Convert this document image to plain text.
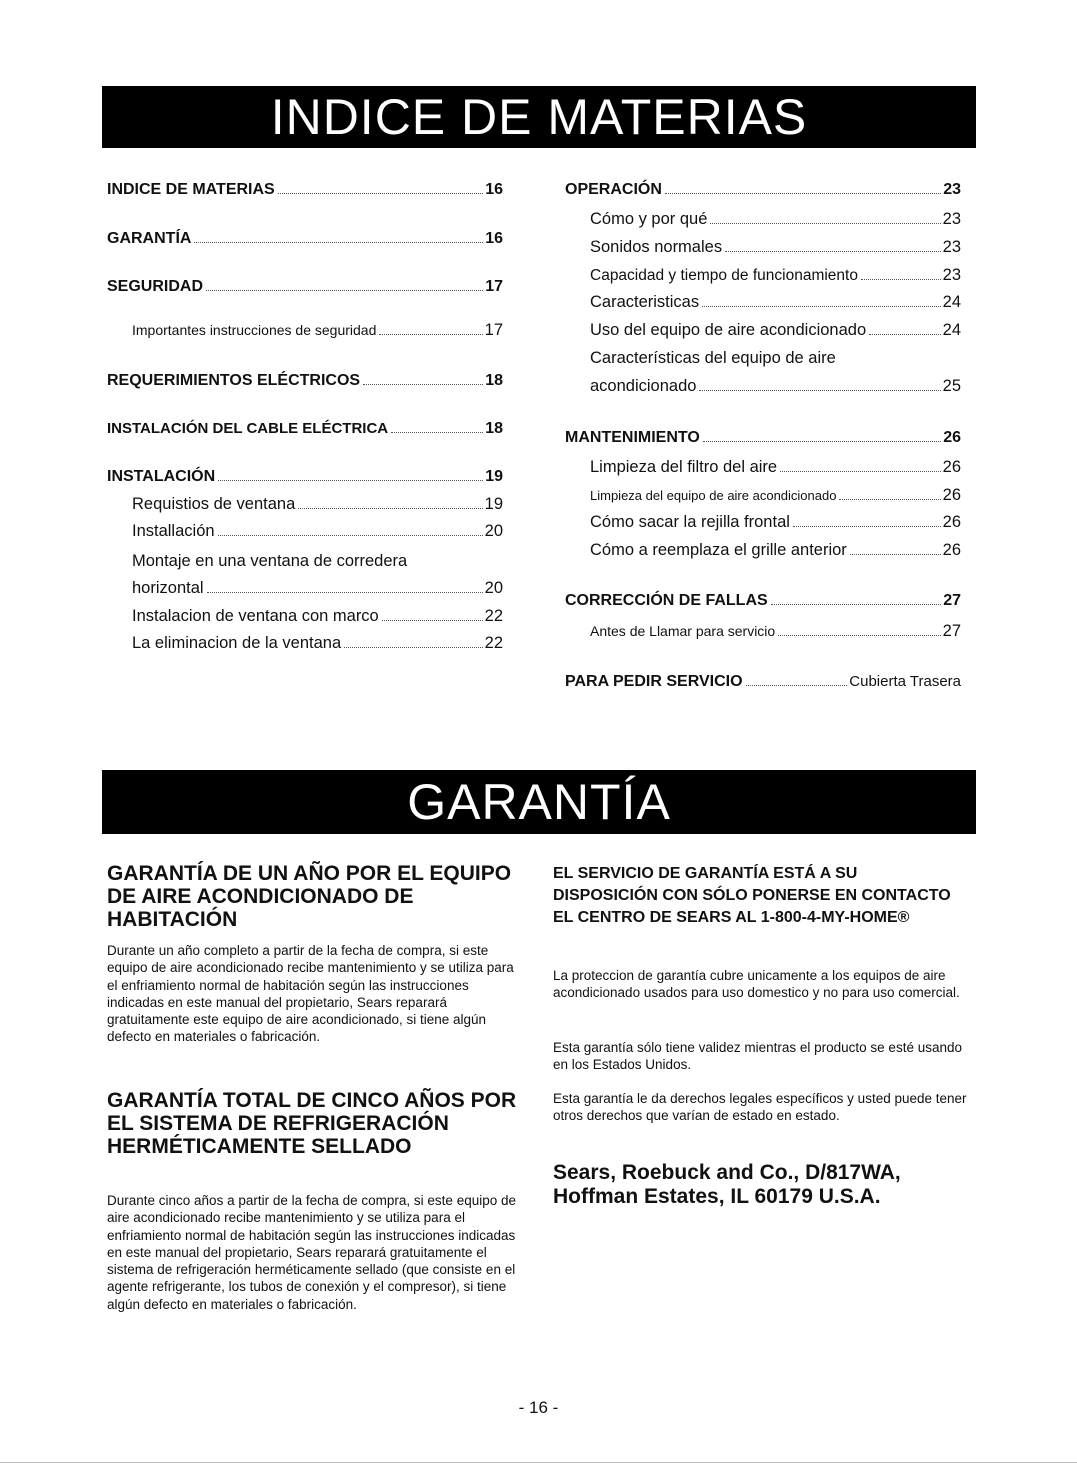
INDICE DE MATERIAS
INDICE DE MATERIAS	16
GARANTÍA	16
SEGURIDAD	17
Importantes instrucciones de seguridad	17
REQUERIMIENTOS ELÉCTRICOS	18
INSTALACIÓN DEL CABLE ELÉCTRICA	18
INSTALACIÓN	19
Requistios de ventana	19
Installación	20
Montaje en una ventana de corredera
horizontal	20
Instalacion de ventana con marco	22
La eliminacion de la ventana	22
OPERACIÓN	23
Cómo y por qué	23
Sonidos normales	23
Capacidad y tiempo de funcionamiento	23
Caracteristicas	24
Uso del equipo de aire acondicionado	24
Características del equipo de aire
acondicionado	25
MANTENIMIENTO	26
Limpieza del filtro del aire	26
Limpieza del equipo de aire acondicionado	26
Cómo sacar la rejilla frontal	26
Cómo a reemplaza el grille anterior	26
CORRECCIÓN DE FALLAS	27
Antes de Llamar para servicio	27
PARA PEDIR SERVICIO	Cubierta Trasera
GARANTÍA
GARANTÍA DE UN AÑO POR EL EQUIPO DE AIRE ACONDICIONADO DE HABITACIÓN

Durante un año completo a partir de la fecha de compra, si este equipo de aire acondicionado recibe mantenimiento y se utiliza para el enfriamiento normal de habitación según las instrucciones indicadas en este manual del propietario, Sears reparará gratuitamente este equipo de aire acondicionado, si tiene algún defecto en materiales o fabricación.

GARANTÍA TOTAL DE CINCO AÑOS POR EL SISTEMA DE REFRIGERACIÓN HERMÉTICAMENTE SELLADO

Durante cinco años a partir de la fecha de compra, si este equipo de aire acondicionado recibe mantenimiento y se utiliza para el enfriamiento normal de habitación según las instrucciones indicadas en este manual del propietario, Sears reparará gratuitamente el sistema de refrigeración herméticamente sellado (que consiste en el agente refrigerante, los tubos de conexión y el compresor), si tiene algún defecto en materiales o fabricación.

EL SERVICIO DE GARANTÍA ESTÁ A SU DISPOSICIÓN CON SÓLO PONERSE EN CONTACTO EL CENTRO DE SEARS AL 1-800-4-MY-HOME®

La proteccion de garantía cubre unicamente a los equipos de aire acondicionado usados para uso domestico y no para uso comercial.

Esta garantía sólo tiene validez mientras el producto se esté usando en los Estados Unidos.

Esta garantía le da derechos legales específicos y usted puede tener otros derechos que varían de estado en estado.

Sears, Roebuck and Co., D/817WA, Hoffman Estates, IL 60179 U.S.A.

- 16 -
